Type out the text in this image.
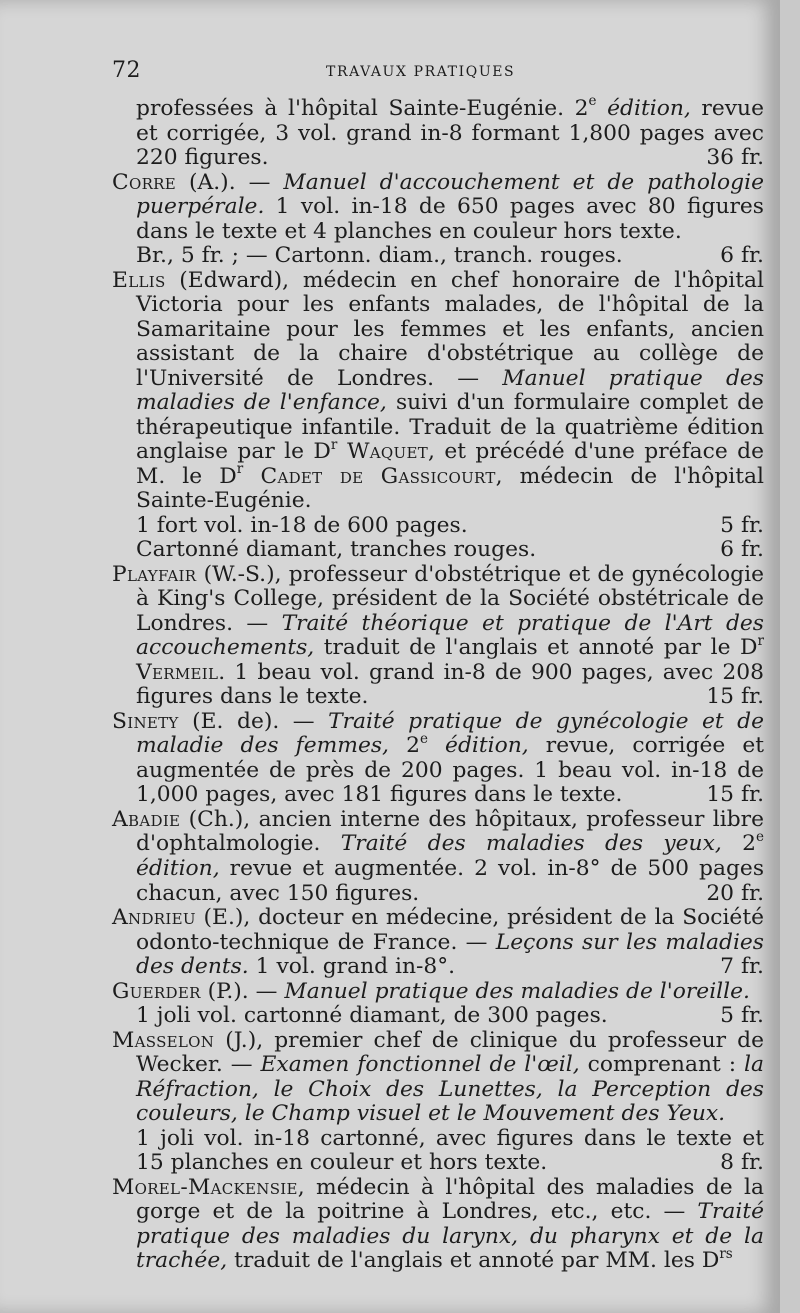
72	TRAVAUX PRATIQUES

professées à l'hôpital Sainte-Eugénie. 2e édition, revue et corrigée, 3 vol. grand in-8 formant 1,800 pages avec 220 figures.	36 fr.

Corre (A.). — Manuel d'accouchement et de pathologie puerpérale. 1 vol. in-18 de 650 pages avec 80 figures dans le texte et 4 planches en couleur hors texte.

Br., 5 fr. ; — Cartonn. diam., tranch. rouges.	6 fr.

Ellis (Edward), médecin en chef honoraire de l'hôpital Victoria pour les enfants malades, de l'hôpital de la Samaritaine pour les femmes et les enfants, ancien assistant de la chaire d'obstétrique au collège de l'Université de Londres. — Manuel pratique des maladies de l'enfance, suivi d'un formulaire complet de thérapeutique infantile. Traduit de la quatrième édition anglaise par le $D^r$ Waquet, et précédé d'une préface de M. le $D^r$ Cadet de Gassicourt, médecin de l'hôpital Sainte-Eugénie.

1 fort vol. in-18 de 600 pages.	5 fr.

Cartonné diamant, tranches rouges.	6 fr.

Playfair (W.-S.), professeur d'obstétrique et de gynécologie à King's College, président de la Société obstétricale de Londres. — Traité théorique et pratique de l'Art des accouchements, traduit de l'anglais et annoté par le $D^r$ Vermeil. 1 beau vol. grand in-8 de 900 pages, avec 208 figures dans le texte.	15 fr.

Sinety (E. de). — Traité pratique de gynécologie et de maladie des femmes, 2e édition, revue, corrigée et augmentée de près de 200 pages. 1 beau vol. in-18 de 1,000 pages, avec 181 figures dans le texte.	15 fr.

Abadie (Ch.), ancien interne des hôpitaux, professeur libre d'ophtalmologie. Traité des maladies des yeux, 2e édition, revue et augmentée. 2 vol. in-8° de 500 pages chacun, avec 150 figures.	20 fr.

Andrieu (E.), docteur en médecine, président de la Société odonto-technique de France. — Leçons sur les maladies des dents. 1 vol. grand in-8°.	7 fr.

Guerder (P.). — Manuel pratique des maladies de l'oreille.

1 joli vol. cartonné diamant, de 300 pages.	5 fr.

Masselon (J.), premier chef de clinique du professeur de Wecker. — Examen fonctionnel de l'œil, comprenant : la Réfraction, le Choix des Lunettes, la Perception des couleurs, le Champ visuel et le Mouvement des Yeux.

1 joli vol. in-18 cartonné, avec figures dans le texte et 15 planches en couleur et hors texte.	8 fr.

Morel-Mackensie, médecin à l'hôpital des maladies de la gorge et de la poitrine à Londres, etc., etc. — Traité pratique des maladies du larynx, du pharynx et de la trachée, traduit de l'anglais et annoté par MM. les $D^{rs}$
